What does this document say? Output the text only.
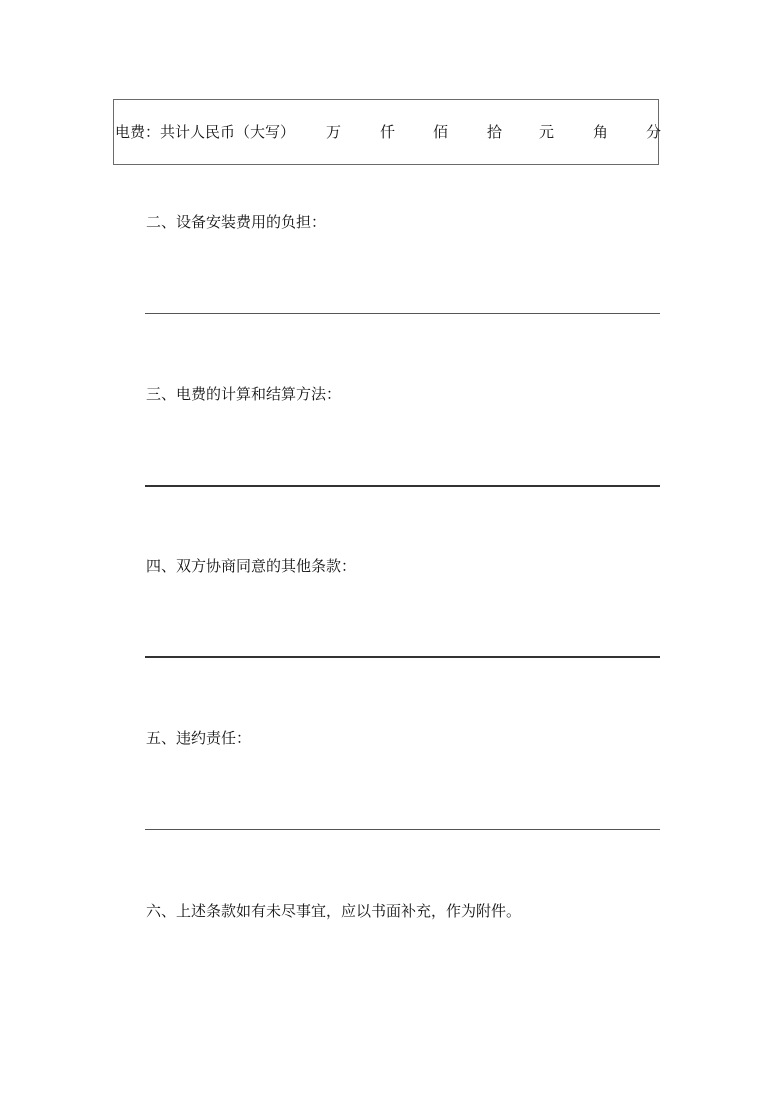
电费：共计人民币（大写） 万	仟	佰	拾 元	角	分
二、设备安装费用的负担：
三、电费的计算和结算方法：
四、双方协商同意的其他条款：
五、违约责任：
六、上述条款如有未尽事宜，应以书面补充，作为附件。
